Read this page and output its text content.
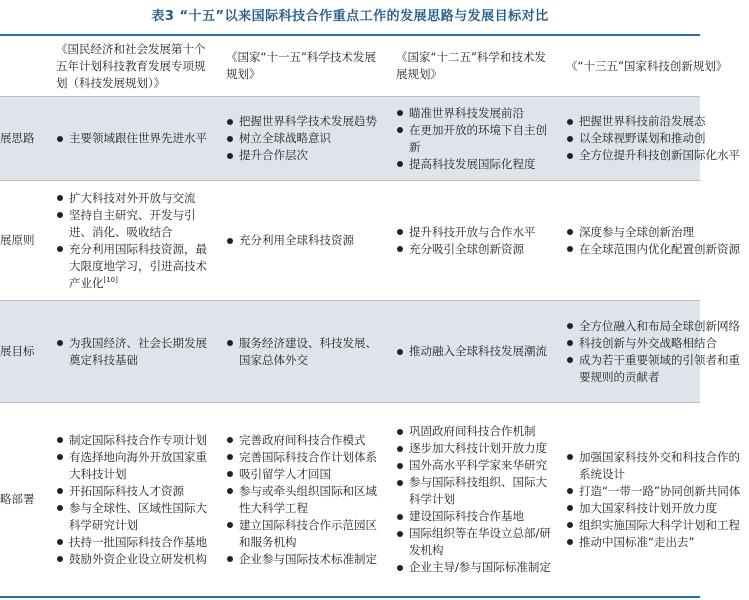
表3 “十五”以来国际科技合作重点工作的发展思路与发展目标对比
《国民经济和社会发展第十个五年计划科技教育发展专项规划（科技发展规划）》
《国家“十一五”科学技术发展规划》
《国家“十二五”科学和技术发展规划》
《“十三五”国家科技创新规划》
展思路	主要领域跟住世界先进水平
把握世界科学技术发展趋势
树立全球战略意识
提升合作层次
瞄准世界科技发展前沿
在更加开放的环境下自主创新
提高科技发展国际化程度
把握世界科技前沿发展态
以全球视野谋划和推动创
全方位提升科技创新国际化水平
展原则
扩大科技对外开放与交流
坚持自主研究、开发与引进、消化、吸收结合
充分利用国际科技资源，最大限度地学习，引进高技术产业化[10]
充分利用全球科技资源
提升科技开放与合作水平
充分吸引全球创新资源
深度参与全球创新治理
在全球范围内优化配置创新资源
展目标
为我国经济、社会长期发展奠定科技基础
服务经济建设、科技发展、国家总体外交
推动融入全球科技发展潮流
全方位融入和布局全球创新网络
科技创新与外交战略相结合
成为若干重要领域的引领者和重要规则的贡献者
略部署
制定国际科技合作专项计划
有选择地向海外开放国家重大科技计划
开拓国际科技人才资源
参与全球性、区域性国际大科学研究计划
扶持一批国际科技合作基地
鼓励外资企业设立研发机构
完善政府间科技合作模式
完善国际科技合作计划体系
吸引留学人才回国
参与或牵头组织国际和区域性大科学工程
建立国际科技合作示范园区和服务机构
企业参与国际技术标准制定
巩固政府间科技合作机制
逐步加大科技计划开放力度
国外高水平科学家来华研究
参与国际科技组织、国际大科学计划
建设国际科技合作基地
国际组织等在华设立总部/研发机构
企业主导/参与国际标准制定
加强国家科技外交和科技合作的系统设计
打造“一带一路”协同创新共同体
加大国家科技计划开放力度
组织实施国际大科学计划和工程
推动中国标准“走出去”
